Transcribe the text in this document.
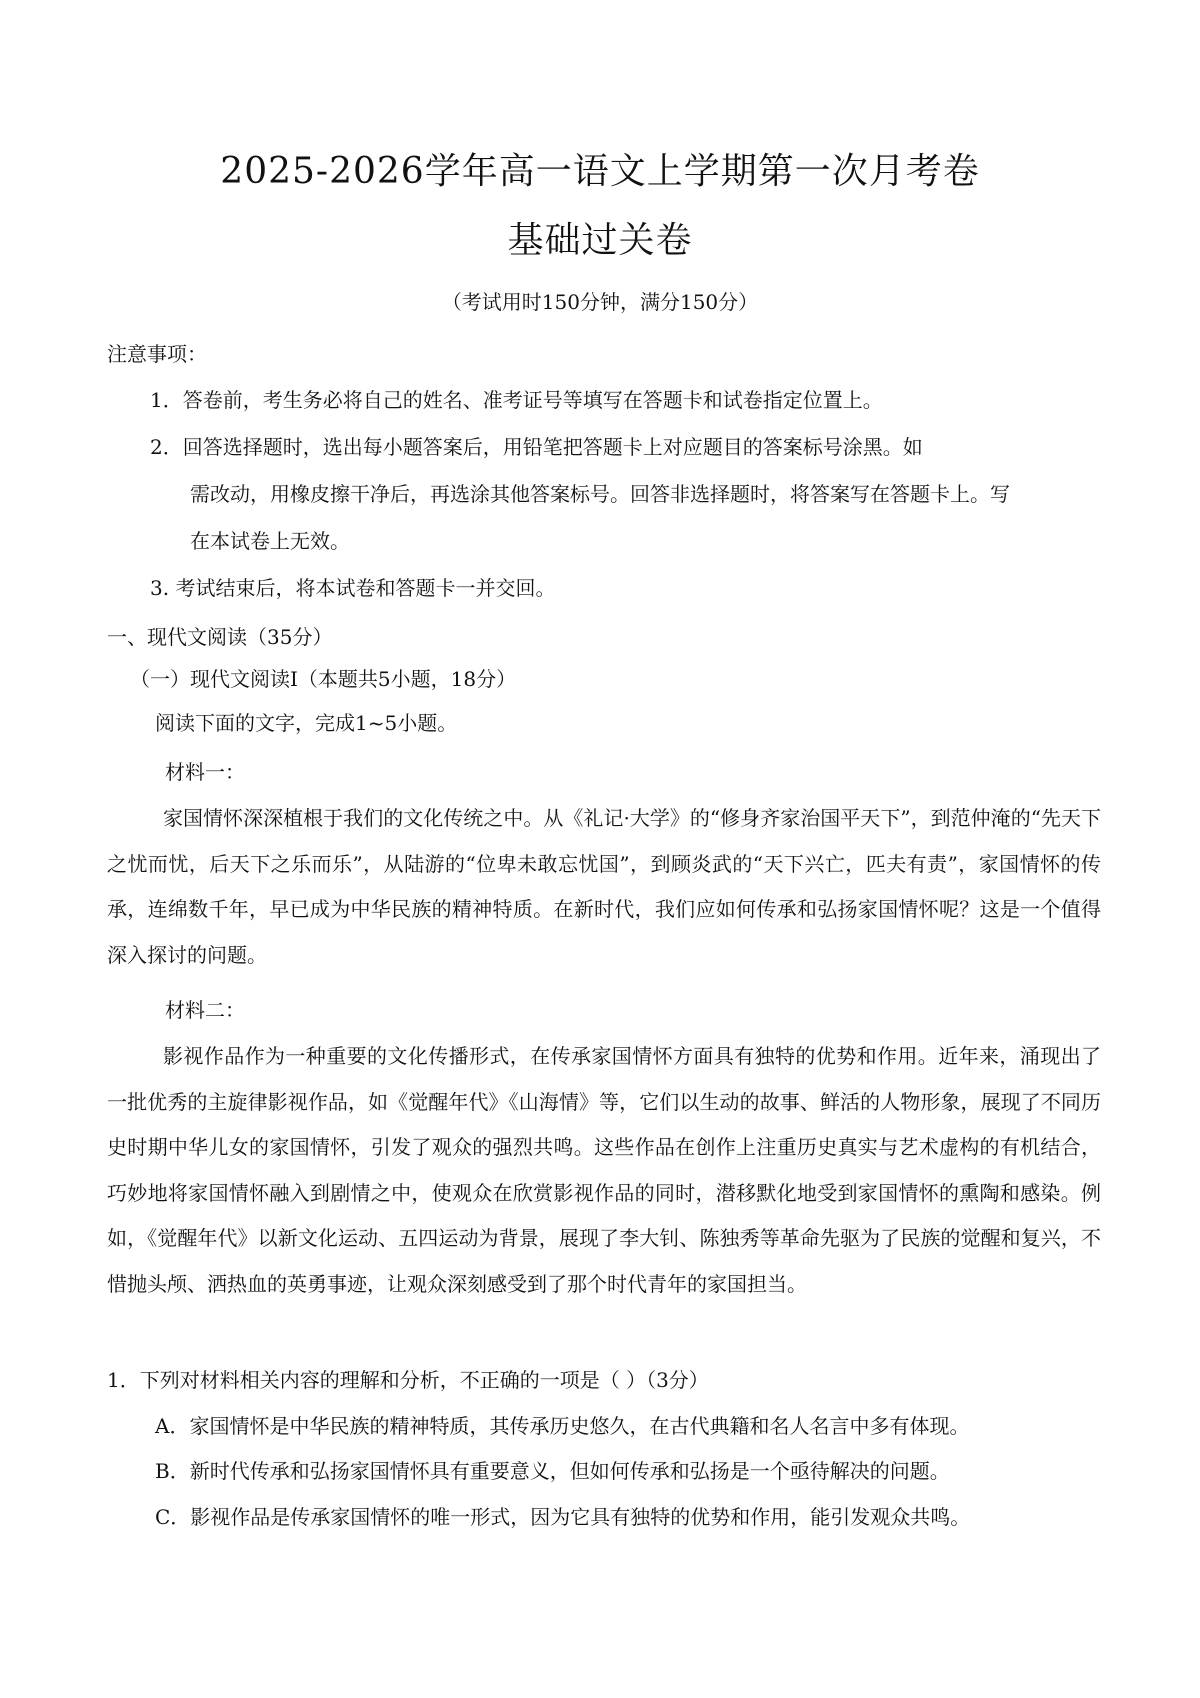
2025-2026学年高一语文上学期第一次月考卷
基础过关卷
（考试用时150分钟，满分150分）
注意事项：
1．答卷前，考生务必将自己的姓名、准考证号等填写在答题卡和试卷指定位置上。
2．回答选择题时，选出每小题答案后，用铅笔把答题卡上对应题目的答案标号涂黑。如
需改动，用橡皮擦干净后，再选涂其他答案标号。回答非选择题时，将答案写在答题卡上。写
在本试卷上无效。
3. 考试结束后，将本试卷和答题卡一并交回。
一、现代文阅读（35分）
（一）现代文阅读Ⅰ（本题共5小题，18分）
阅读下面的文字，完成1~5小题。
材料一：

家国情怀深深植根于我们的文化传统之中。从《礼记·大学》的“修身齐家治国平天下”，到范仲淹的“先天下之忧而忧，后天下之乐而乐”，从陆游的“位卑未敢忘忧国”，到顾炎武的“天下兴亡，匹夫有责”，家国情怀的传承，连绵数千年，早已成为中华民族的精神特质。在新时代，我们应如何传承和弘扬家国情怀呢？这是一个值得深入探讨的问题。

材料二：

影视作品作为一种重要的文化传播形式，在传承家国情怀方面具有独特的优势和作用。近年来，涌现出了一批优秀的主旋律影视作品，如《觉醒年代》《山海情》等，它们以生动的故事、鲜活的人物形象，展现了不同历史时期中华儿女的家国情怀，引发了观众的强烈共鸣。这些作品在创作上注重历史真实与艺术虚构的有机结合，巧妙地将家国情怀融入到剧情之中，使观众在欣赏影视作品的同时，潜移默化地受到家国情怀的熏陶和感染。例如，《觉醒年代》以新文化运动、五四运动为背景，展现了李大钊、陈独秀等革命先驱为了民族的觉醒和复兴，不惜抛头颅、洒热血的英勇事迹，让观众深刻感受到了那个时代青年的家国担当。

1．下列对材料相关内容的理解和分析，不正确的一项是（ ）（3分）
A．家国情怀是中华民族的精神特质，其传承历史悠久，在古代典籍和名人名言中多有体现。
B．新时代传承和弘扬家国情怀具有重要意义，但如何传承和弘扬是一个亟待解决的问题。
C．影视作品是传承家国情怀的唯一形式，因为它具有独特的优势和作用，能引发观众共鸣。
